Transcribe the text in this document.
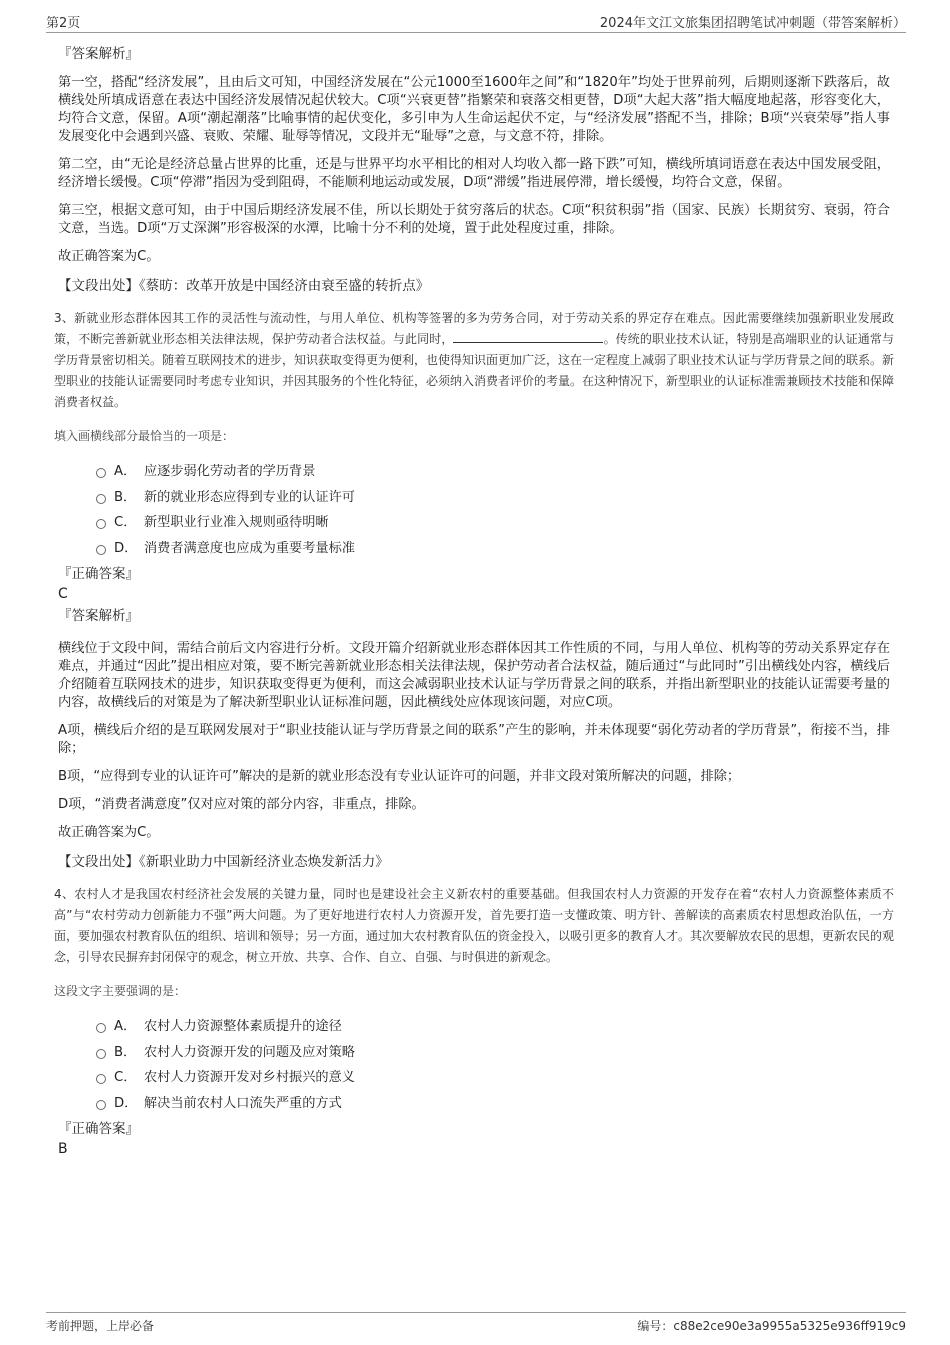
第2页	2024年文江文旅集团招聘笔试冲刺题（带答案解析）
『答案解析』

第一空，搭配“经济发展”，且由后文可知，中国经济发展在“公元1000至1600年之间”和“1820年”均处于世界前列，后期则逐渐下跌落后，故横线处所填成语意在表达中国经济发展情况起伏较大。C项“兴衰更替”指繁荣和衰落交相更替，D项“大起大落”指大幅度地起落，形容变化大，均符合文意，保留。A项“潮起潮落”比喻事情的起伏变化，多引申为人生命运起伏不定，与“经济发展”搭配不当，排除；B项“兴衰荣辱”指人事发展变化中会遇到兴盛、衰败、荣耀、耻辱等情况，文段并无“耻辱”之意，与文意不符，排除。

第二空，由“无论是经济总量占世界的比重，还是与世界平均水平相比的相对人均收入都一路下跌”可知，横线所填词语意在表达中国发展受阻，经济增长缓慢。C项“停滞”指因为受到阻碍，不能顺利地运动或发展，D项“滞缓”指进展停滞，增长缓慢，均符合文意，保留。

第三空，根据文意可知，由于中国后期经济发展不佳，所以长期处于贫穷落后的状态。C项“积贫积弱”指（国家、民族）长期贫穷、衰弱，符合文意，当选。D项“万丈深渊”形容极深的水潭，比喻十分不利的处境，置于此处程度过重，排除。

故正确答案为C。

【文段出处】《蔡昉：改革开放是中国经济由衰至盛的转折点》
3、新就业形态群体因其工作的灵活性与流动性，与用人单位、机构等签署的多为劳务合同，对于劳动关系的界定存在难点。因此需要继续加强新职业发展政策，不断完善新就业形态相关法律法规，保护劳动者合法权益。与此同时，	。传统的职业技术认证，特别是高端职业的认证通常与学历背景密切相关。随着互联网技术的进步，知识获取变得更为便利，也使得知识面更加广泛，这在一定程度上减弱了职业技术认证与学历背景之间的联系。新型职业的技能认证需要同时考虑专业知识，并因其服务的个性化特征，必须纳入消费者评价的考量。在这种情况下，新型职业的认证标准需兼顾技术技能和保障消费者权益。
填入画横线部分最恰当的一项是：
A． 应逐步弱化劳动者的学历背景
B． 新的就业形态应得到专业的认证许可
C． 新型职业行业准入规则亟待明晰
D． 消费者满意度也应成为重要考量标准
『正确答案』
C
『答案解析』

横线位于文段中间，需结合前后文内容进行分析。文段开篇介绍新就业形态群体因其工作性质的不同，与用人单位、机构等的劳动关系界定存在难点，并通过“因此”提出相应对策，要不断完善新就业形态相关法律法规，保护劳动者合法权益，随后通过“与此同时”引出横线处内容，横线后介绍随着互联网技术的进步，知识获取变得更为便利，而这会减弱职业技术认证与学历背景之间的联系，并指出新型职业的技能认证需要考量的内容，故横线后的对策是为了解决新型职业认证标准问题，因此横线处应体现该问题，对应C项。

A项，横线后介绍的是互联网发展对于“职业技能认证与学历背景之间的联系”产生的影响，并未体现要“弱化劳动者的学历背景”，衔接不当，排除；

B项，“应得到专业的认证许可”解决的是新的就业形态没有专业认证许可的问题，并非文段对策所解决的问题，排除；

D项，“消费者满意度”仅对应对策的部分内容，非重点，排除。

故正确答案为C。

【文段出处】《新职业助力中国新经济业态焕发新活力》
4、农村人才是我国农村经济社会发展的关键力量，同时也是建设社会主义新农村的重要基础。但我国农村人力资源的开发存在着“农村人力资源整体素质不高”与“农村劳动力创新能力不强”两大问题。为了更好地进行农村人力资源开发，首先要打造一支懂政策、明方针、善解读的高素质农村思想政治队伍，一方面，要加强农村教育队伍的组织、培训和领导；另一方面，通过加大农村教育队伍的资金投入，以吸引更多的教育人才。其次要解放农民的思想，更新农民的观念，引导农民摒弃封闭保守的观念，树立开放、共享、合作、自立、自强、与时俱进的新观念。
这段文字主要强调的是：
A． 农村人力资源整体素质提升的途径
B． 农村人力资源开发的问题及应对策略
C． 农村人力资源开发对乡村振兴的意义
D． 解决当前农村人口流失严重的方式
『正确答案』
B
考前押题，上岸必备	编号：c88e2ce90e3a9955a5325e936ff919c9
